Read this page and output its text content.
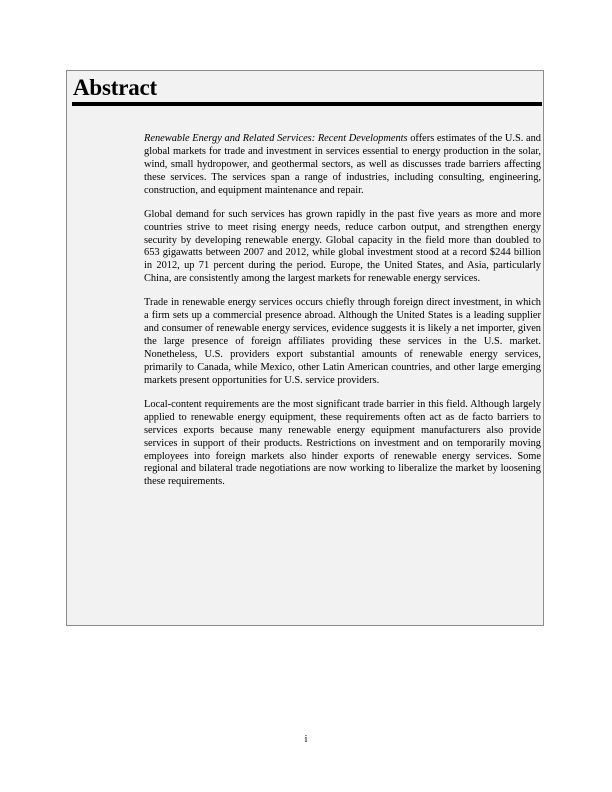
Abstract

Renewable Energy and Related Services: Recent Developments offers estimates of the U.S. and global markets for trade and investment in services essential to energy production in the solar, wind, small hydropower, and geothermal sectors, as well as discusses trade barriers affecting these services. The services span a range of industries, including consulting, engineering, construction, and equipment maintenance and repair.

Global demand for such services has grown rapidly in the past five years as more and more countries strive to meet rising energy needs, reduce carbon output, and strengthen energy security by developing renewable energy. Global capacity in the field more than doubled to 653 gigawatts between 2007 and 2012, while global investment stood at a record $244 billion in 2012, up 71 percent during the period. Europe, the United States, and Asia, particularly China, are consistently among the largest markets for renewable energy services.

Trade in renewable energy services occurs chiefly through foreign direct investment, in which a firm sets up a commercial presence abroad. Although the United States is a leading supplier and consumer of renewable energy services, evidence suggests it is likely a net importer, given the large presence of foreign affiliates providing these services in the U.S. market. Nonetheless, U.S. providers export substantial amounts of renewable energy services, primarily to Canada, while Mexico, other Latin American countries, and other large emerging markets present opportunities for U.S. service providers.

Local-content requirements are the most significant trade barrier in this field. Although largely applied to renewable energy equipment, these requirements often act as de facto barriers to services exports because many renewable energy equipment manufacturers also provide services in support of their products. Restrictions on investment and on temporarily moving employees into foreign markets also hinder exports of renewable energy services. Some regional and bilateral trade negotiations are now working to liberalize the market by loosening these requirements.

i
